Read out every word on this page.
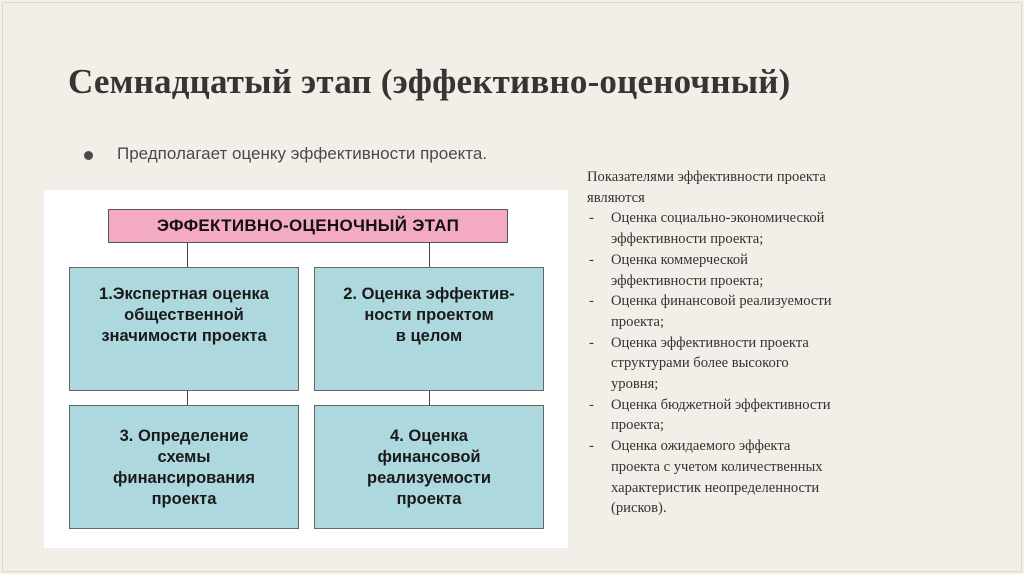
Семнадцатый этап (эффективно-оценочный)
Предполагает оценку эффективности проекта.
ЭФФЕКТИВНО-ОЦЕНОЧНЫЙ ЭТАП
1.Экспертная оценка
общественной
значимости проекта
2. Оценка эффектив-
ности проектом
в целом
3. Определение
схемы
финансирования
проекта
4. Оценка
финансовой
реализуемости
проекта
Показателями эффективности проекта
являются
-	Оценка социально-экономической
эффективности проекта;
-	Оценка коммерческой
эффективности проекта;
-	Оценка финансовой реализуемости
проекта;
-	Оценка эффективности проекта
структурами более высокого
уровня;
-	Оценка бюджетной эффективности
проекта;
-	Оценка ожидаемого эффекта
проекта с учетом количественных
характеристик неопределенности
(рисков).
